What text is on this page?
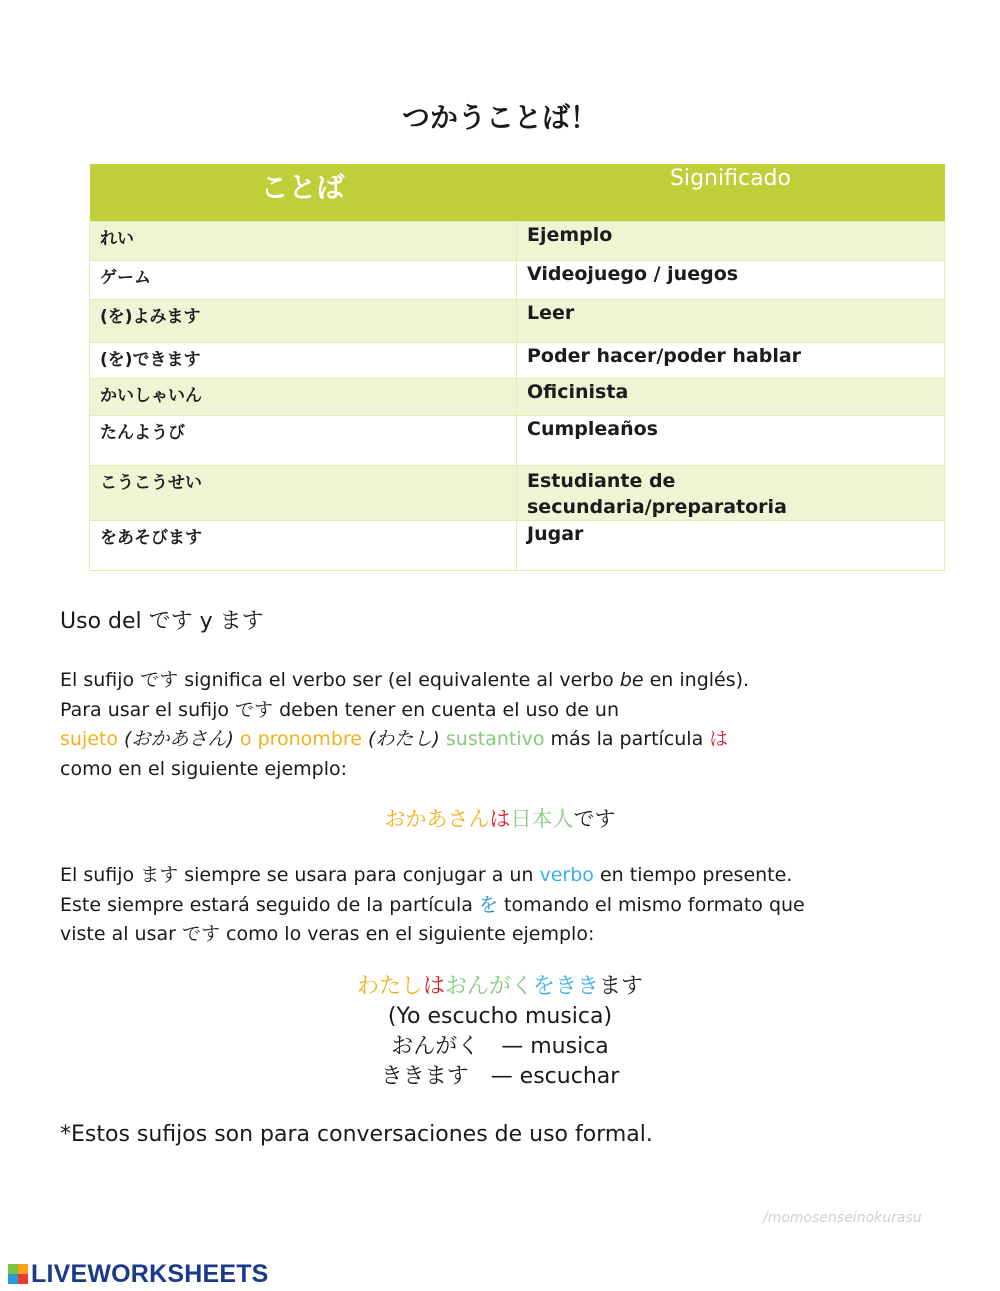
つかうことば！
ことば	Significado
れい	Ejemplo
ゲーム	Videojuego / juegos
(を)よみます	Leer
(を)できます	Poder hacer/poder hablar
かいしゃいん	Oficinista
たんようび	Cumpleaños
こうこうせい	Estudiante de secundaria/preparatoria
をあそびます	Jugar
Uso del です y ます
El sufijo です significa el verbo ser (el equivalente al verbo be en inglés).
Para usar el sufijo です deben tener en cuenta el uso de un
sujeto (おかあさん) o pronombre (わたし) sustantivo más la partícula は
como en el siguiente ejemplo:
おかあさんは日本人です
El sufijo ます siempre se usara para conjugar a un verbo en tiempo presente.
Este siempre estará seguido de la partícula を tomando el mismo formato que
viste al usar です como lo veras en el siguiente ejemplo:
わたしはおんがくをききます
(Yo escucho musica)
おんがく　— musica
ききます　— escuchar
*Estos sufijos son para conversaciones de uso formal.
/momosenseinokurasu
LIVEWORKSHEETS
